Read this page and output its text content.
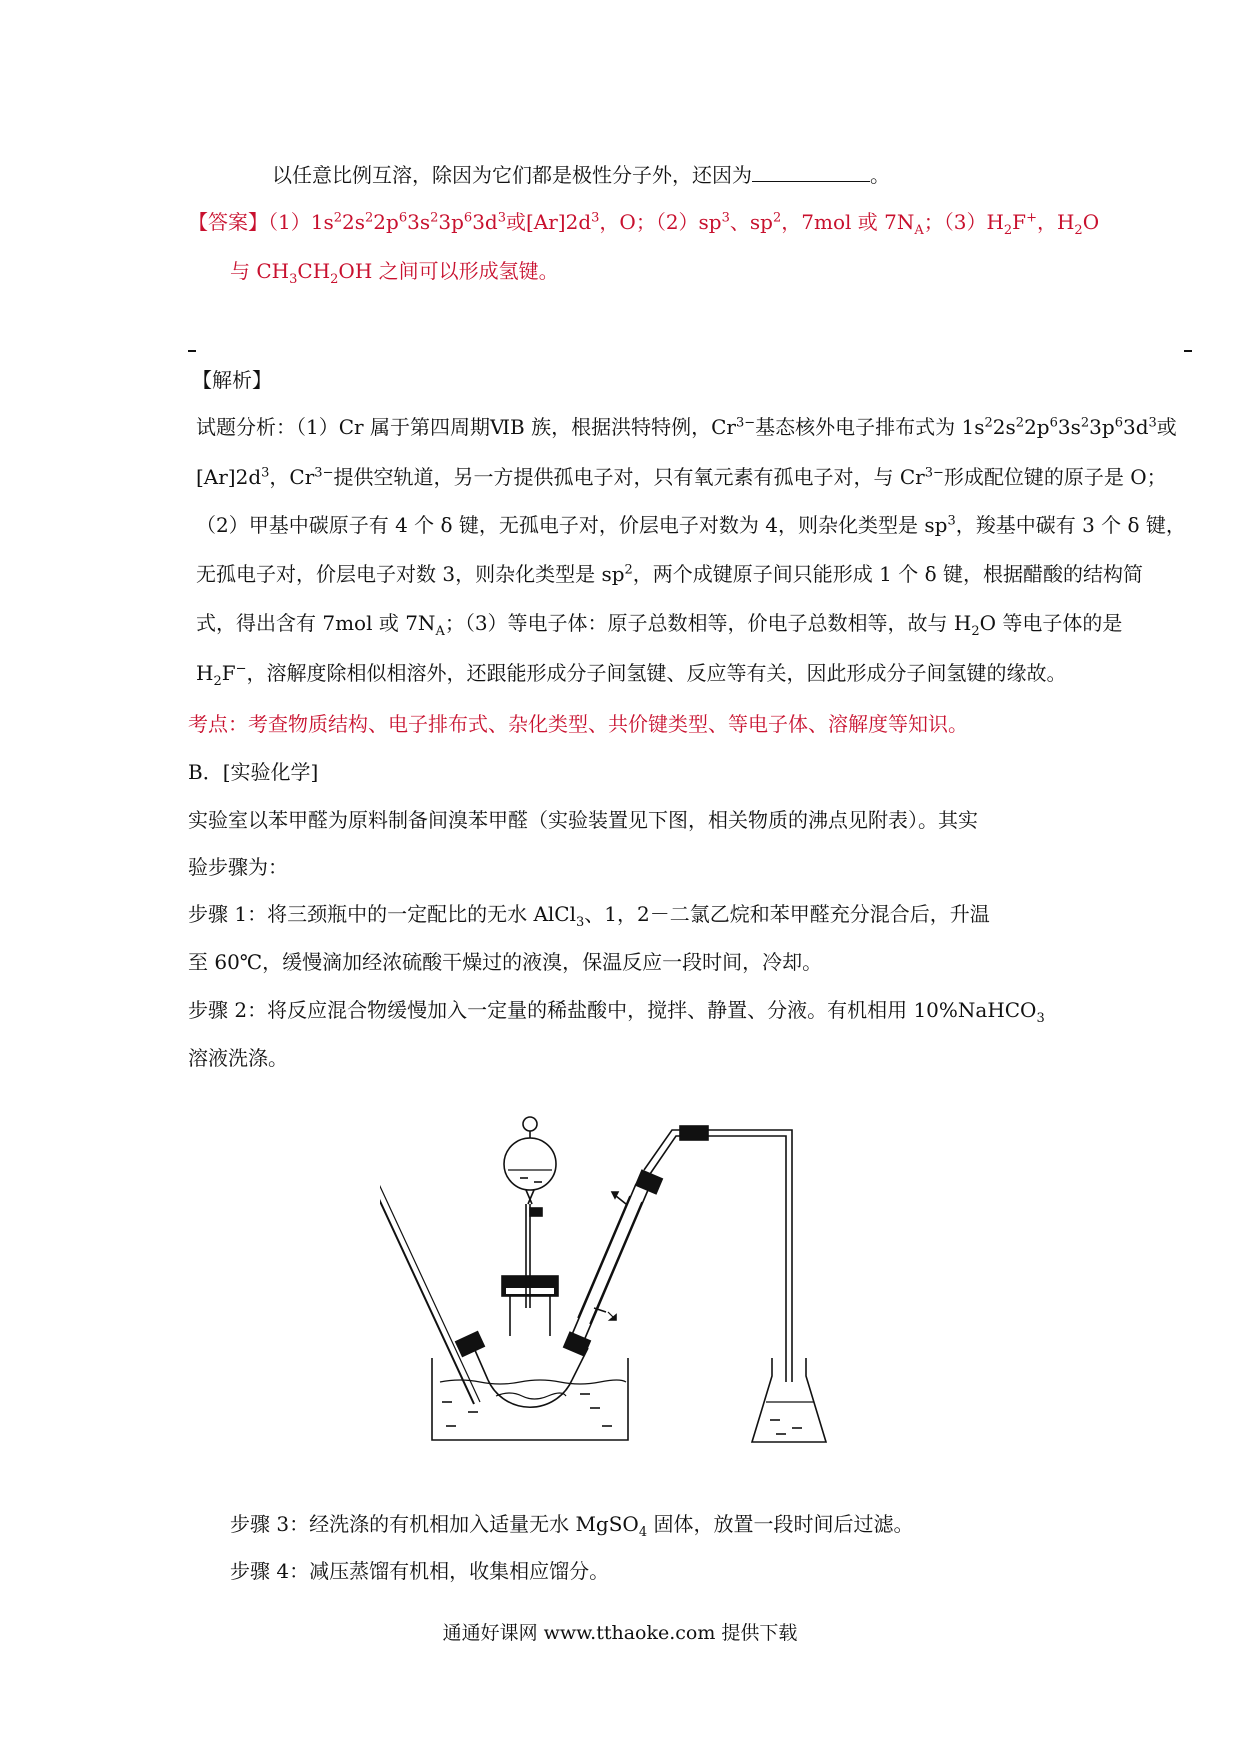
以任意比例互溶，除因为它们都是极性分子外，还因为	。
【答案】$(1)1s^22s^22p^63s^23p^63d^3$或$[Ar]2d^3$，O；$(2)sp^3$、$sp^2$，7mol 或 $7N_A$；$(3)H_2F^+$，$H_2O$
与 $CH_3CH_2OH$ 之间可以形成氢键。
【解析】
试题分析：（1）Cr 属于第四周期ⅥB 族，根据洪特特例，$Cr^{3-}$基态核外电子排布式为 $1s^22s^22p^63s^23p^63d^3$或
$[Ar]2d^3$，$Cr^{3-}$提供空轨道，另一方提供孤电子对，只有氧元素有孤电子对，与 $Cr^{3-}$形成配位键的原子是 O；
（2）甲基中碳原子有 4 个 δ 键，无孤电子对，价层电子对数为 4，则杂化类型是 $sp^3$，羧基中碳有 3 个 δ 键，
无孤电子对，价层电子对数 3，则杂化类型是 $sp^2$，两个成键原子间只能形成 1 个 δ 键，根据醋酸的结构简
式，得出含有 7mol 或 $7N_A$；（3）等电子体：原子总数相等，价电子总数相等，故与 $H_2O$ 等电子体的是
$H_2F^-$，溶解度除相似相溶外，还跟能形成分子间氢键、反应等有关，因此形成分子间氢键的缘故。
考点：考查物质结构、电子排布式、杂化类型、共价键类型、等电子体、溶解度等知识。
B．[实验化学]
实验室以苯甲醛为原料制备间溴苯甲醛（实验装置见下图，相关物质的沸点见附表）。其实
验步骤为：
步骤 1：将三颈瓶中的一定配比的无水 AlCl$_3$、1，2－二氯乙烷和苯甲醛充分混合后，升温
至 60℃，缓慢滴加经浓硫酸干燥过的液溴，保温反应一段时间，冷却。
步骤 2：将反应混合物缓慢加入一定量的稀盐酸中，搅拌、静置、分液。有机相用 10%NaHCO$_3$
溶液洗涤。
步骤 3：经洗涤的有机相加入适量无水 MgSO$_4$ 固体，放置一段时间后过滤。
步骤 4：减压蒸馏有机相，收集相应馏分。
通通好课网 www.tthaoke.com 提供下载
